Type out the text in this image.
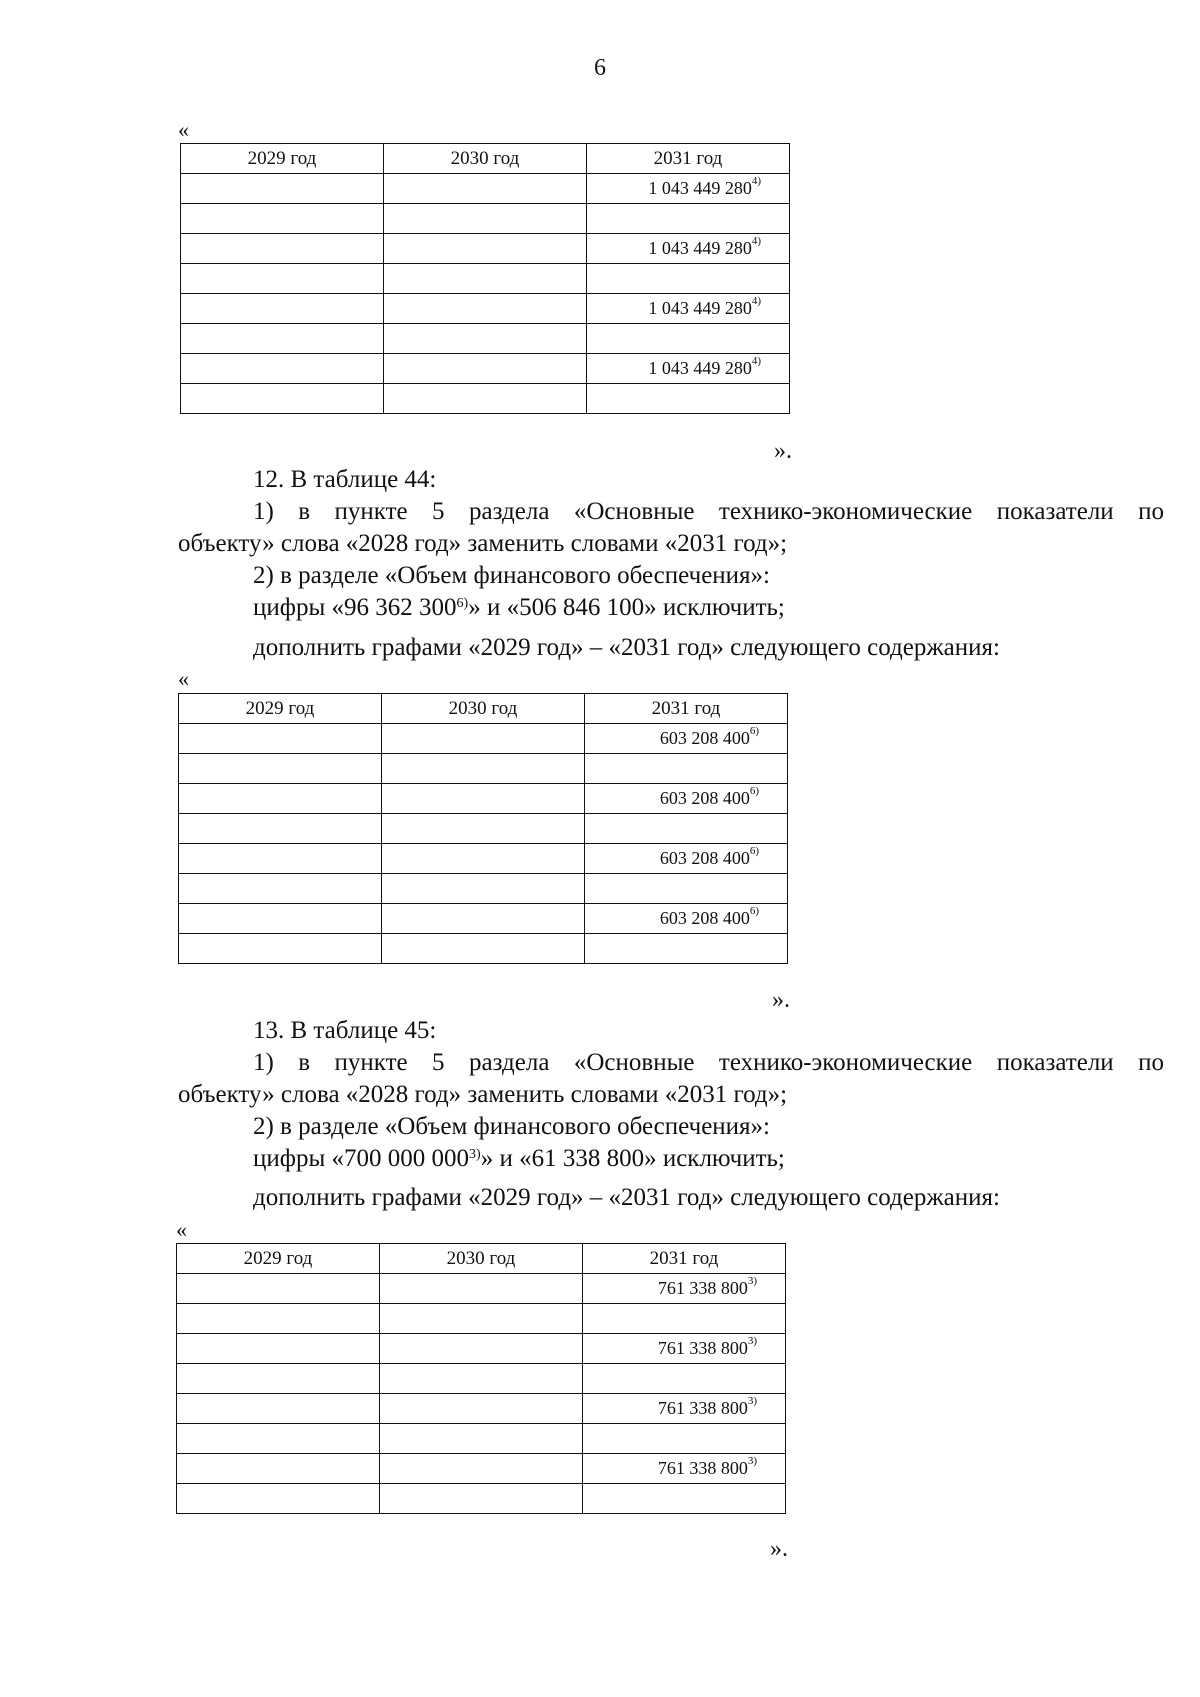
6
«
2029 год	2030 год	2031 год
		1 043 449 280$^{4)}$

		1 043 449 280$^{4)}$

		1 043 449 280$^{4)}$

		1 043 449 280$^{4)}$

».
12. В таблице 44:
1) в пункте 5 раздела «Основные технико-экономические показатели по
объекту» слова «2028 год» заменить словами «2031 год»;
2) в разделе «Объем финансового обеспечения»:
цифры «96 362 300$^{6)}$» и «506 846 100» исключить;
дополнить графами «2029 год» – «2031 год» следующего содержания:
«
2029 год	2030 год	2031 год
		603 208 400$^{6)}$

		603 208 400$^{6)}$

		603 208 400$^{6)}$

		603 208 400$^{6)}$

».
13. В таблице 45:
1) в пункте 5 раздела «Основные технико-экономические показатели по
объекту» слова «2028 год» заменить словами «2031 год»;
2) в разделе «Объем финансового обеспечения»:
цифры «700 000 000$^{3)}$» и «61 338 800» исключить;
дополнить графами «2029 год» – «2031 год» следующего содержания:
«
2029 год	2030 год	2031 год
		761 338 800$^{3)}$

		761 338 800$^{3)}$

		761 338 800$^{3)}$

		761 338 800$^{3)}$

».
